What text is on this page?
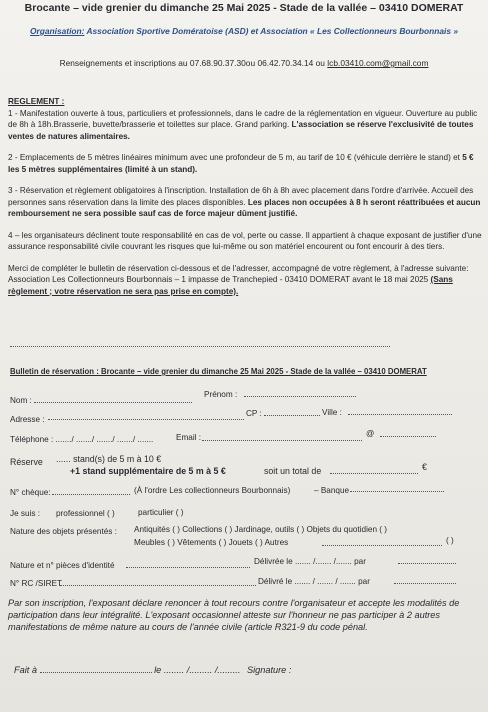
Brocante – vide grenier du dimanche 25 Mai 2025 - Stade de la vallée – 03410 DOMERAT
Organisation: Association Sportive Domératoise (ASD) et Association « Les Collectionneurs Bourbonnais »
Renseignements et inscriptions au 07.68.90.37.30ou 06.42.70.34.14 ou lcb.03410.com@gmail.com
REGLEMENT :
1 - Manifestation ouverte à tous, particuliers et professionnels, dans le cadre de la réglementation en vigueur. Ouverture au public de 8h à 18h.Brasserie, buvette/brasserie et toilettes sur place. Grand parking. L'association se réserve l'exclusivité de toutes ventes de natures alimentaires.
2 - Emplacements de 5 mètres linéaires minimum avec une profondeur de 5 m, au tarif de 10 € (véhicule derrière le stand) et 5 € les 5 mètres supplémentaires (limité à un stand).
3 - Réservation et règlement obligatoires à l'inscription. Installation de 6h à 8h avec placement dans l'ordre d'arrivée. Accueil des personnes sans réservation dans la limite des places disponibles. Les places non occupées à 8 h seront réattribuées et aucun remboursement ne sera possible sauf cas de force majeur dûment justifié.
4 – les organisateurs déclinent toute responsabilité en cas de vol, perte ou casse. Il appartient à chaque exposant de justifier d'une assurance responsabilité civile couvrant les risques que lui-même ou son matériel encourent ou font encourir à des tiers.
Merci de compléter le bulletin de réservation ci-dessous et de l'adresser, accompagné de votre règlement, à l'adresse suivante: Association Les Collectionneurs Bourbonnais – 1 impasse de Tranchepied - 03410 DOMERAT avant le 18 mai 2025 (Sans règlement ; votre réservation ne sera pas prise en compte).
Bulletin de réservation : Brocante – vide grenier du dimanche 25 Mai 2025 - Stade de la vallée – 03410 DOMERAT
Nom :
Prénom :
Adresse :
CP :	Ville :
Téléphone : ......./ ......./ ......./ ......./ .......	Email :	@
Réserve ...... stand(s) de 5 m à 10 €
+1 stand supplémentaire de 5 m à 5 €	soit un total de	€
N° chèque:	(À l'ordre Les collectionneurs Bourbonnais)	– Banque
Je suis : professionnel ( )	particulier ( )
Nature des objets présentés : Antiquités ( ) Collections ( ) Jardinage, outils ( ) Objets du quotidien ( )
Meubles ( ) Vêtements ( ) Jouets ( ) Autres	( )
Nature et n° pièces d'identité	Délivrée le ....... /....... /....... par
N° RC /SIRET	Délivré le ....... / ....... / ....... par
Par son inscription, l'exposant déclare renoncer à tout recours contre l'organisateur et accepte les modalités de participation dans leur intégralité. L'exposant occasionnel atteste sur l'honneur ne pas participer à 2 autres manifestations de même nature au cours de l'année civile (article R321-9 du code pénal.
Fait à	le ........ /......... /......... Signature :
